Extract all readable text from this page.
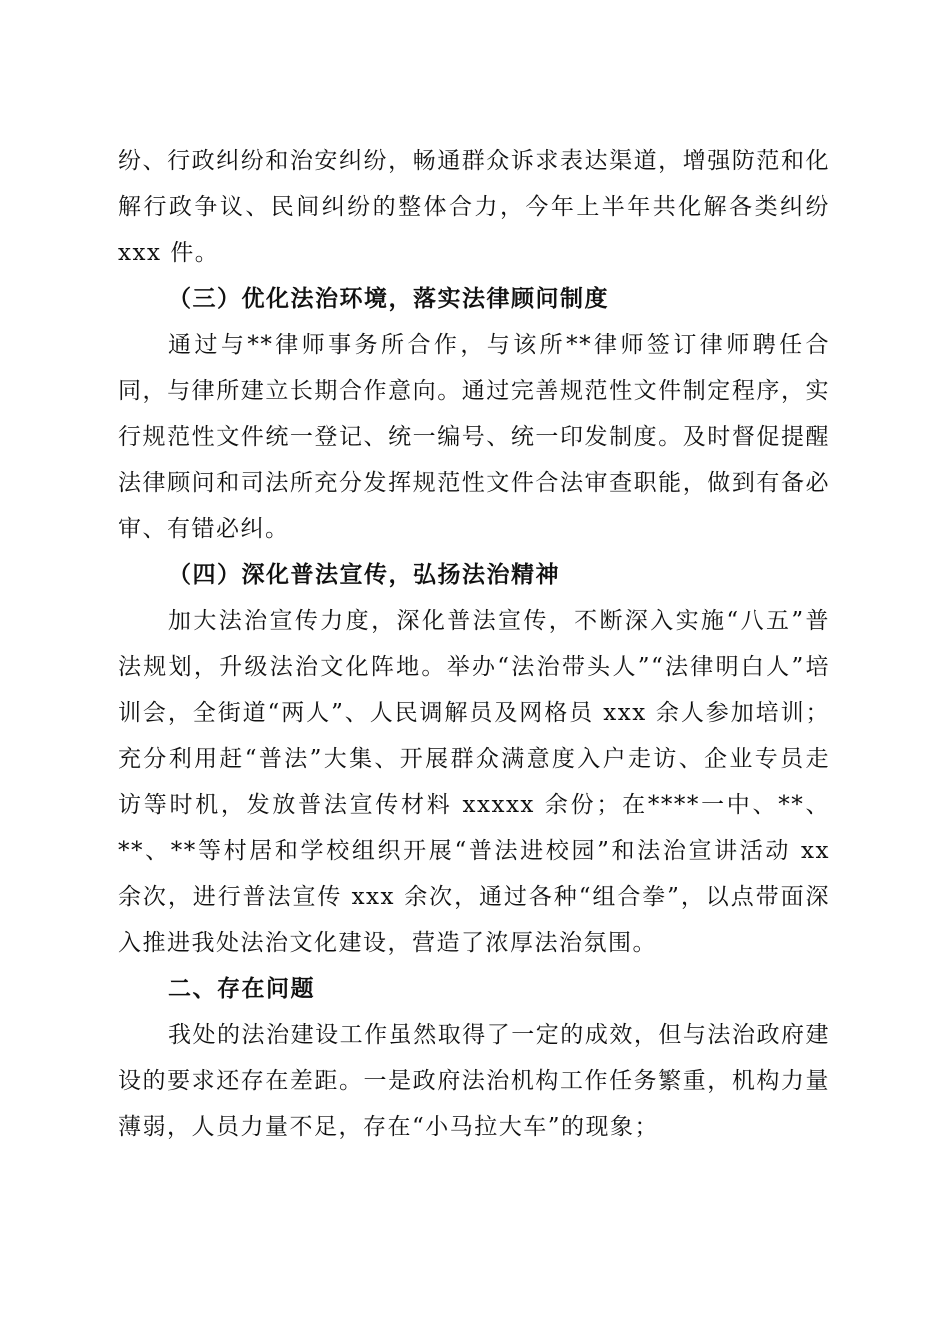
纷、行政纠纷和治安纠纷，畅通群众诉求表达渠道，增强防范和化解行政争议、民间纠纷的整体合力，今年上半年共化解各类纠纷 xxx 件。

（三）优化法治环境，落实法律顾问制度

通过与**律师事务所合作，与该所**律师签订律师聘任合同，与律所建立长期合作意向。通过完善规范性文件制定程序，实行规范性文件统一登记、统一编号、统一印发制度。及时督促提醒法律顾问和司法所充分发挥规范性文件合法审查职能，做到有备必审、有错必纠。

（四）深化普法宣传，弘扬法治精神

加大法治宣传力度，深化普法宣传，不断深入实施“八五”普法规划，升级法治文化阵地。举办“法治带头人”“法律明白人”培训会，全街道“两人”、人民调解员及网格员 xxx 余人参加培训；充分利用赶“普法”大集、开展群众满意度入户走访、企业专员走访等时机，发放普法宣传材料 xxxxx 余份；在****一中、**、**、**等村居和学校组织开展“普法进校园”和法治宣讲活动 xx 余次，进行普法宣传 xxx 余次，通过各种“组合拳”，以点带面深入推进我处法治文化建设，营造了浓厚法治氛围。

二、存在问题

我处的法治建设工作虽然取得了一定的成效，但与法治政府建设的要求还存在差距。一是政府法治机构工作任务繁重，机构力量薄弱，人员力量不足，存在“小马拉大车”的现象；
